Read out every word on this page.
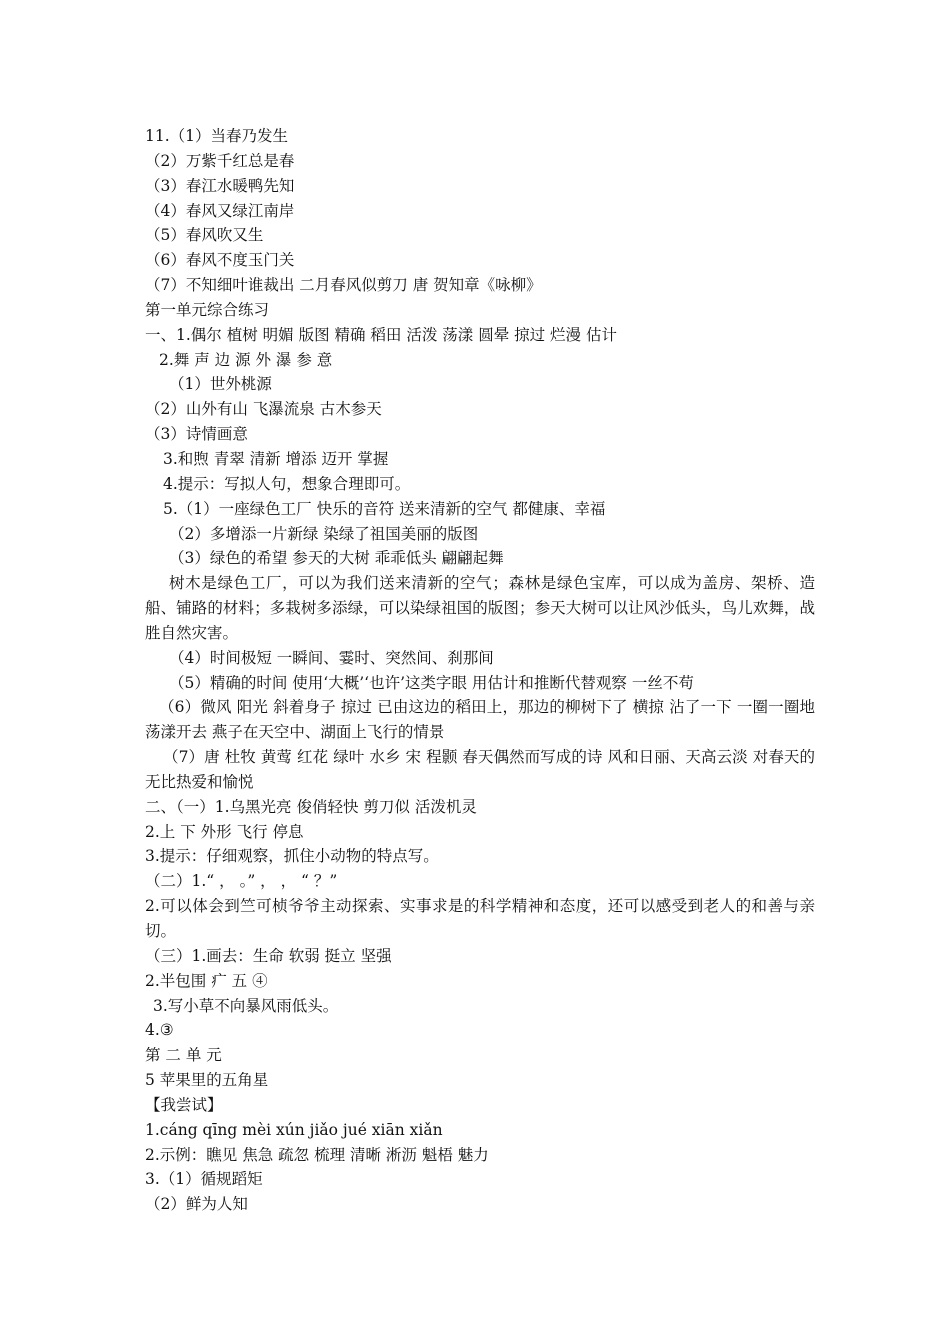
11.（1）当春乃发生
（2）万紫千红总是春
（3）春江水暖鸭先知
（4）春风又绿江南岸
（5）春风吹又生
（6）春风不度玉门关
（7）不知细叶谁裁出 二月春风似剪刀 唐 贺知章《咏柳》
第一单元综合练习
一、1.偶尔 植树 明媚 版图 精确 稻田 活泼 荡漾 圆晕 掠过 烂漫 估计
2.舞 声 边 源 外 瀑 参 意
（1）世外桃源
（2）山外有山 飞瀑流泉 古木参天
（3）诗情画意
3.和煦 青翠 清新 增添 迈开 掌握
4.提示：写拟人句，想象合理即可。
5.（1）一座绿色工厂 快乐的音符 送来清新的空气 都健康、幸福
（2）多增添一片新绿 染绿了祖国美丽的版图
（3）绿色的希望 参天的大树 乖乖低头 翩翩起舞
树木是绿色工厂，可以为我们送来清新的空气；森林是绿色宝库，可以成为盖房、架桥、造船、铺路的材料；多栽树多添绿，可以染绿祖国的版图；参天大树可以让风沙低头，鸟儿欢舞，战胜自然灾害。
（4）时间极短 一瞬间、霎时、突然间、刹那间
（5）精确的时间 使用‘大概’‘也许’这类字眼 用估计和推断代替观察 一丝不苟
（6）微风 阳光 斜着身子 掠过 已由这边的稻田上，那边的柳树下了 横掠 沾了一下 一圈一圈地荡漾开去 燕子在天空中、湖面上飞行的情景
（7）唐 杜牧 黄莺 红花 绿叶 水乡 宋 程颢 春天偶然而写成的诗 风和日丽、天高云淡 对春天的无比热爱和愉悦
二、（一）1.乌黑光亮 俊俏轻快 剪刀似 活泼机灵
2.上 下 外形 飞行 停息
3.提示：仔细观察，抓住小动物的特点写。
（二）1.“ ， 。” ， ， “ ？”
2.可以体会到竺可桢爷爷主动探索、实事求是的科学精神和态度，还可以感受到老人的和善与亲切。
（三）1.画去：生命 软弱 挺立 坚强
2.半包围 疒 五 ④
3.写小草不向暴风雨低头。
4.③
第 二 单 元
5 苹果里的五角星
【我尝试】
1.cáng qīng mèi xún jiǎo jué xiān xiǎn
2.示例：瞧见 焦急 疏忽 梳理 清晰 淅沥 魁梧 魅力
3.（1）循规蹈矩
（2）鲜为人知
